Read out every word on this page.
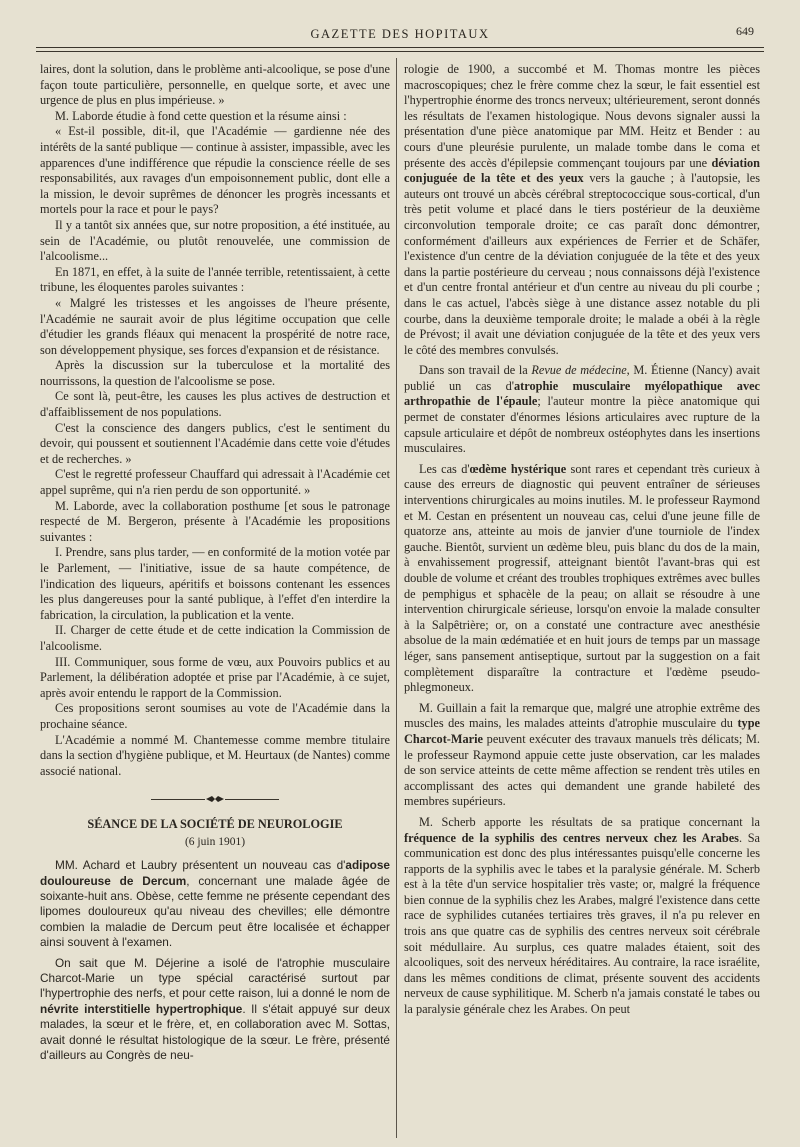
GAZETTE DES HOPITAUX	649

laires, dont la solution, dans le problème anti-alcoolique, se pose d'une façon toute particulière, personnelle, en quelque sorte, et avec une urgence de plus en plus impérieuse. »

M. Laborde étudie à fond cette question et la résume ainsi :

« Est-il possible, dit-il, que l'Académie — gardienne née des intérêts de la santé publique — continue à assister, impassible, avec les apparences d'une indifférence que répudie la conscience réelle de ses responsabilités, aux ravages d'un empoisonnement public, dont elle a la mission, le devoir suprêmes de dénoncer les progrès incessants et mortels pour la race et pour le pays?

Il y a tantôt six années que, sur notre proposition, a été instituée, au sein de l'Académie, ou plutôt renouvelée, une commission de l'alcoolisme...

En 1871, en effet, à la suite de l'année terrible, retentissaient, à cette tribune, les éloquentes paroles suivantes :

« Malgré les tristesses et les angoisses de l'heure présente, l'Académie ne saurait avoir de plus légitime occupation que celle d'étudier les grands fléaux qui menacent la prospérité de notre race, son développement physique, ses forces d'expansion et de résistance.

Après la discussion sur la tuberculose et la mortalité des nourrissons, la question de l'alcoolisme se pose.

Ce sont là, peut-être, les causes les plus actives de destruction et d'affaiblissement de nos populations.

C'est la conscience des dangers publics, c'est le sentiment du devoir, qui poussent et soutiennent l'Académie dans cette voie d'études et de recherches. »

C'est le regretté professeur Chauffard qui adressait à l'Académie cet appel suprême, qui n'a rien perdu de son opportunité. »

M. Laborde, avec la collaboration posthume [et sous le patronage respecté de M. Bergeron, présente à l'Académie les propositions suivantes :

I. Prendre, sans plus tarder, — en conformité de la motion votée par le Parlement, — l'initiative, issue de sa haute compétence, de l'indication des liqueurs, apéritifs et boissons contenant les essences les plus dangereuses pour la santé publique, à l'effet d'en interdire la fabrication, la circulation, la publication et la vente.

II. Charger de cette étude et de cette indication la Commission de l'alcoolisme.

III. Communiquer, sous forme de vœu, aux Pouvoirs publics et au Parlement, la délibération adoptée et prise par l'Académie, à ce sujet, après avoir entendu le rapport de la Commission.

Ces propositions seront soumises au vote de l'Académie dans la prochaine séance.

L'Académie a nommé M. Chantemesse comme membre titulaire dans la section d'hygiène publique, et M. Heurtaux (de Nantes) comme associé national.

SÉANCE DE LA SOCIÉTÉ DE NEUROLOGIE
(6 juin 1901)

MM. Achard et Laubry présentent un nouveau cas d'adipose douloureuse de Dercum, concernant une malade âgée de soixante-huit ans. Obèse, cette femme ne présente cependant des lipomes douloureux qu'au niveau des chevilles; elle démontre combien la maladie de Dercum peut être localisée et échapper ainsi souvent à l'examen.

On sait que M. Déjerine a isolé de l'atrophie musculaire Charcot-Marie un type spécial caractérisé surtout par l'hypertrophie des nerfs, et pour cette raison, lui a donné le nom de névrite interstitielle hypertrophique. Il s'était appuyé sur deux malades, la sœur et le frère, et, en collaboration avec M. Sottas, avait donné le résultat histologique de la sœur. Le frère, présenté d'ailleurs au Congrès de neu-

rologie de 1900, a succombé et M. Thomas montre les pièces macroscopiques; chez le frère comme chez la sœur, le fait essentiel est l'hypertrophie énorme des troncs nerveux; ultérieurement, seront donnés les résultats de l'examen histologique. Nous devons signaler aussi la présentation d'une pièce anatomique par MM. Heitz et Bender : au cours d'une pleurésie purulente, un malade tombe dans le coma et présente des accès d'épilepsie commençant toujours par une déviation conjuguée de la tête et des yeux vers la gauche ; à l'autopsie, les auteurs ont trouvé un abcès cérébral streptococcique sous-cortical, d'un très petit volume et placé dans le tiers postérieur de la deuxième circonvolution temporale droite; ce cas paraît donc démontrer, conformément d'ailleurs aux expériences de Ferrier et de Schäfer, l'existence d'un centre de la déviation conjuguée de la tête et des yeux dans la partie postérieure du cerveau ; nous connaissons déjà l'existence et d'un centre frontal antérieur et d'un centre au niveau du pli courbe ; dans le cas actuel, l'abcès siège à une distance assez notable du pli courbe, dans la deuxième temporale droite; le malade a obéi à la règle de Prévost; il avait une déviation conjuguée de la tête et des yeux vers le côté des membres convulsés.

Dans son travail de la Revue de médecine, M. Étienne (Nancy) avait publié un cas d'atrophie musculaire myélopathique avec arthropathie de l'épaule; l'auteur montre la pièce anatomique qui permet de constater d'énormes lésions articulaires avec rupture de la capsule articulaire et dépôt de nombreux ostéophytes dans les insertions musculaires.

Les cas d'œdème hystérique sont rares et cependant très curieux à cause des erreurs de diagnostic qui peuvent entraîner de sérieuses interventions chirurgicales au moins inutiles. M. le professeur Raymond et M. Cestan en présentent un nouveau cas, celui d'une jeune fille de quatorze ans, atteinte au mois de janvier d'une tourniole de l'index gauche. Bientôt, survient un œdème bleu, puis blanc du dos de la main, à envahissement progressif, atteignant bientôt l'avant-bras qui est double de volume et créant des troubles trophiques extrêmes avec bulles de pemphigus et sphacèle de la peau; on allait se résoudre à une intervention chirurgicale sérieuse, lorsqu'on envoie la malade consulter à la Salpêtrière; or, on a constaté une contracture avec anesthésie absolue de la main œdématiée et en huit jours de temps par un massage léger, sans pansement antiseptique, surtout par la suggestion on a fait complètement disparaître la contracture et l'œdème pseudo-phlegmoneux.

M. Guillain a fait la remarque que, malgré une atrophie extrême des muscles des mains, les malades atteints d'atrophie musculaire du type Charcot-Marie peuvent exécuter des travaux manuels très délicats; M. le professeur Raymond appuie cette juste observation, car les malades de son service atteints de cette même affection se rendent très utiles en accomplissant des actes qui demandent une grande habileté des membres supérieurs.

M. Scherb apporte les résultats de sa pratique concernant la fréquence de la syphilis des centres nerveux chez les Arabes. Sa communication est donc des plus intéressantes puisqu'elle concerne les rapports de la syphilis avec le tabes et la paralysie générale. M. Scherb est à la tête d'un service hospitalier très vaste; or, malgré la fréquence bien connue de la syphilis chez les Arabes, malgré l'existence dans cette race de syphilides cutanées tertiaires très graves, il n'a pu relever en trois ans que quatre cas de syphilis des centres nerveux soit cérébrale soit médullaire. Au surplus, ces quatre malades étaient, soit des alcooliques, soit des nerveux héréditaires. Au contraire, la race israélite, dans les mêmes conditions de climat, présente souvent des accidents nerveux de cause syphilitique. M. Scherb n'a jamais constaté le tabes ou la paralysie générale chez les Arabes. On peut
